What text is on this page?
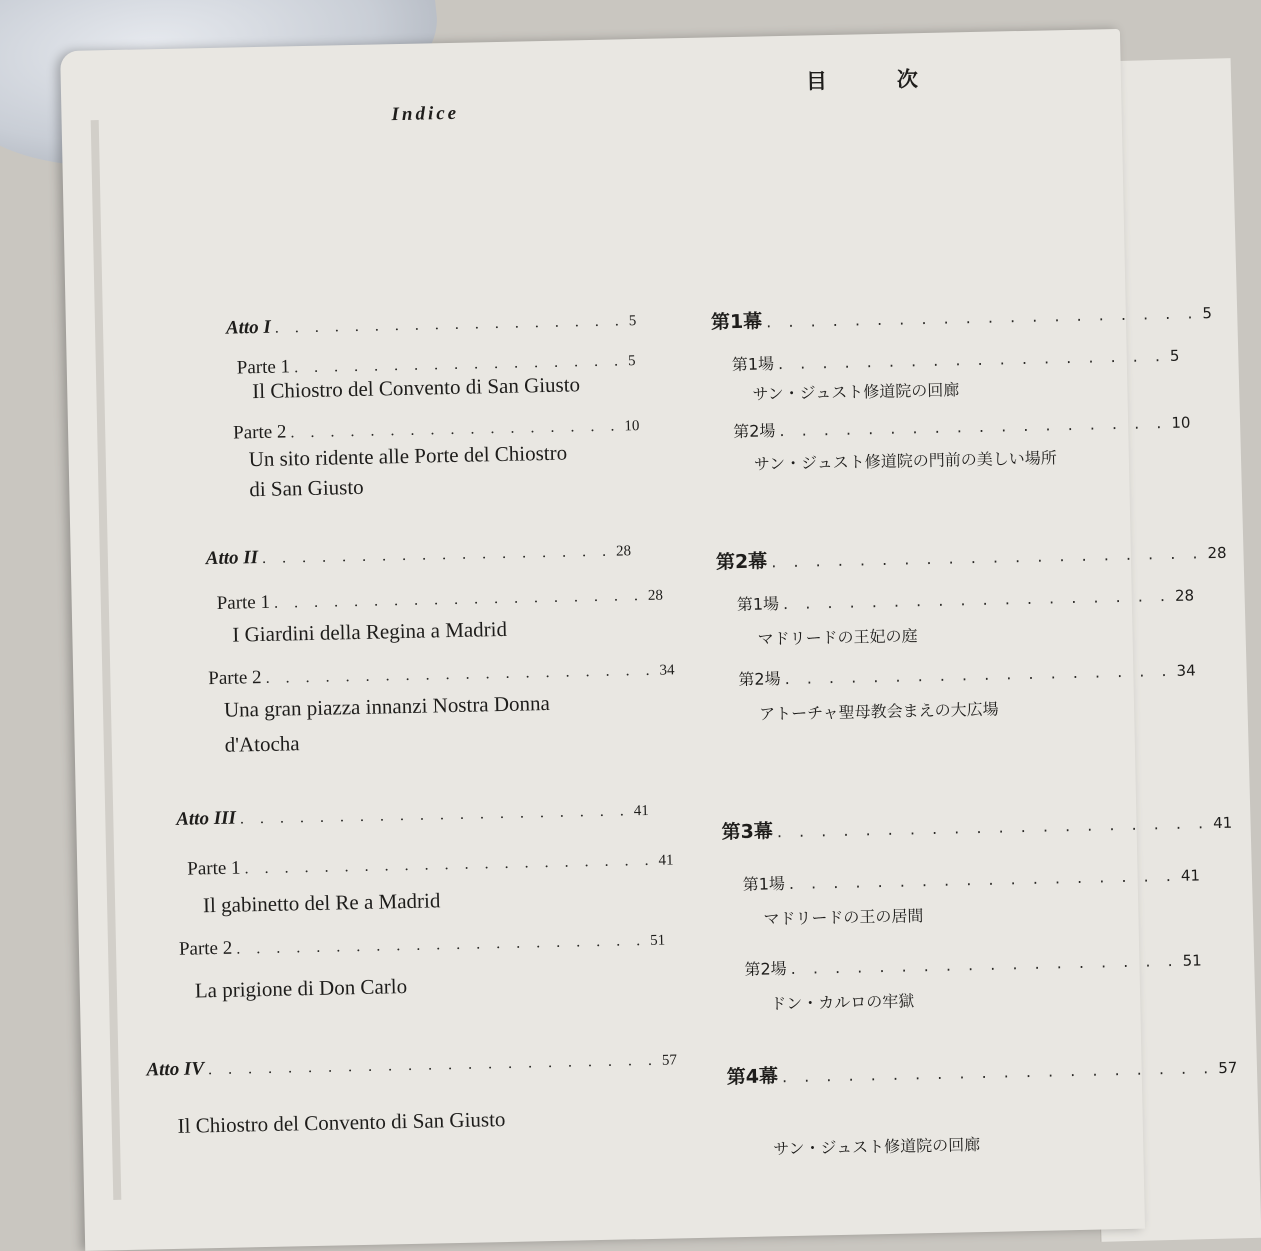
Indice
Atto I . . . . . . . . . . . . . . . . . . 5
Parte 1 . . . . . . . . . . . . . . . . . 5
Il Chiostro del Convento di San Giusto
Parte 2 . . . . . . . . . . . . . . . . . 10
Un sito ridente alle Porte del Chiostro
di San Giusto
Atto II . . . . . . . . . . . . . . . . . . 28
Parte 1 . . . . . . . . . . . . . . . . . . . 28
I Giardini della Regina a Madrid
Parte 2 . . . . . . . . . . . . . . . . . . . . 34
Una gran piazza innanzi Nostra Donna
d'Atocha
Atto III . . . . . . . . . . . . . . . . . . . . 41
Parte 1 . . . . . . . . . . . . . . . . . . . . . 41
Il gabinetto del Re a Madrid
Parte 2 . . . . . . . . . . . . . . . . . . . . . 51
La prigione di Don Carlo
Atto IV . . . . . . . . . . . . . . . . . . . . . . . 57
Il Chiostro del Convento di San Giusto
目次
第1幕 . . . . . . . . . . . . . . . . . . . . 5
第1場 . . . . . . . . . . . . . . . . . . 5
サン・ジュスト修道院の回廊
第2場 . . . . . . . . . . . . . . . . . . 10
サン・ジュスト修道院の門前の美しい場所
第2幕 . . . . . . . . . . . . . . . . . . . . 28
第1場 . . . . . . . . . . . . . . . . . . 28
マドリードの王妃の庭
第2場 . . . . . . . . . . . . . . . . . . 34
アトーチャ聖母教会まえの大広場
第3幕 . . . . . . . . . . . . . . . . . . . . 41
第1場 . . . . . . . . . . . . . . . . . . 41
マドリードの王の居間
第2場 . . . . . . . . . . . . . . . . . . 51
ドン・カルロの牢獄
第4幕 . . . . . . . . . . . . . . . . . . . . 57
サン・ジュスト修道院の回廊
